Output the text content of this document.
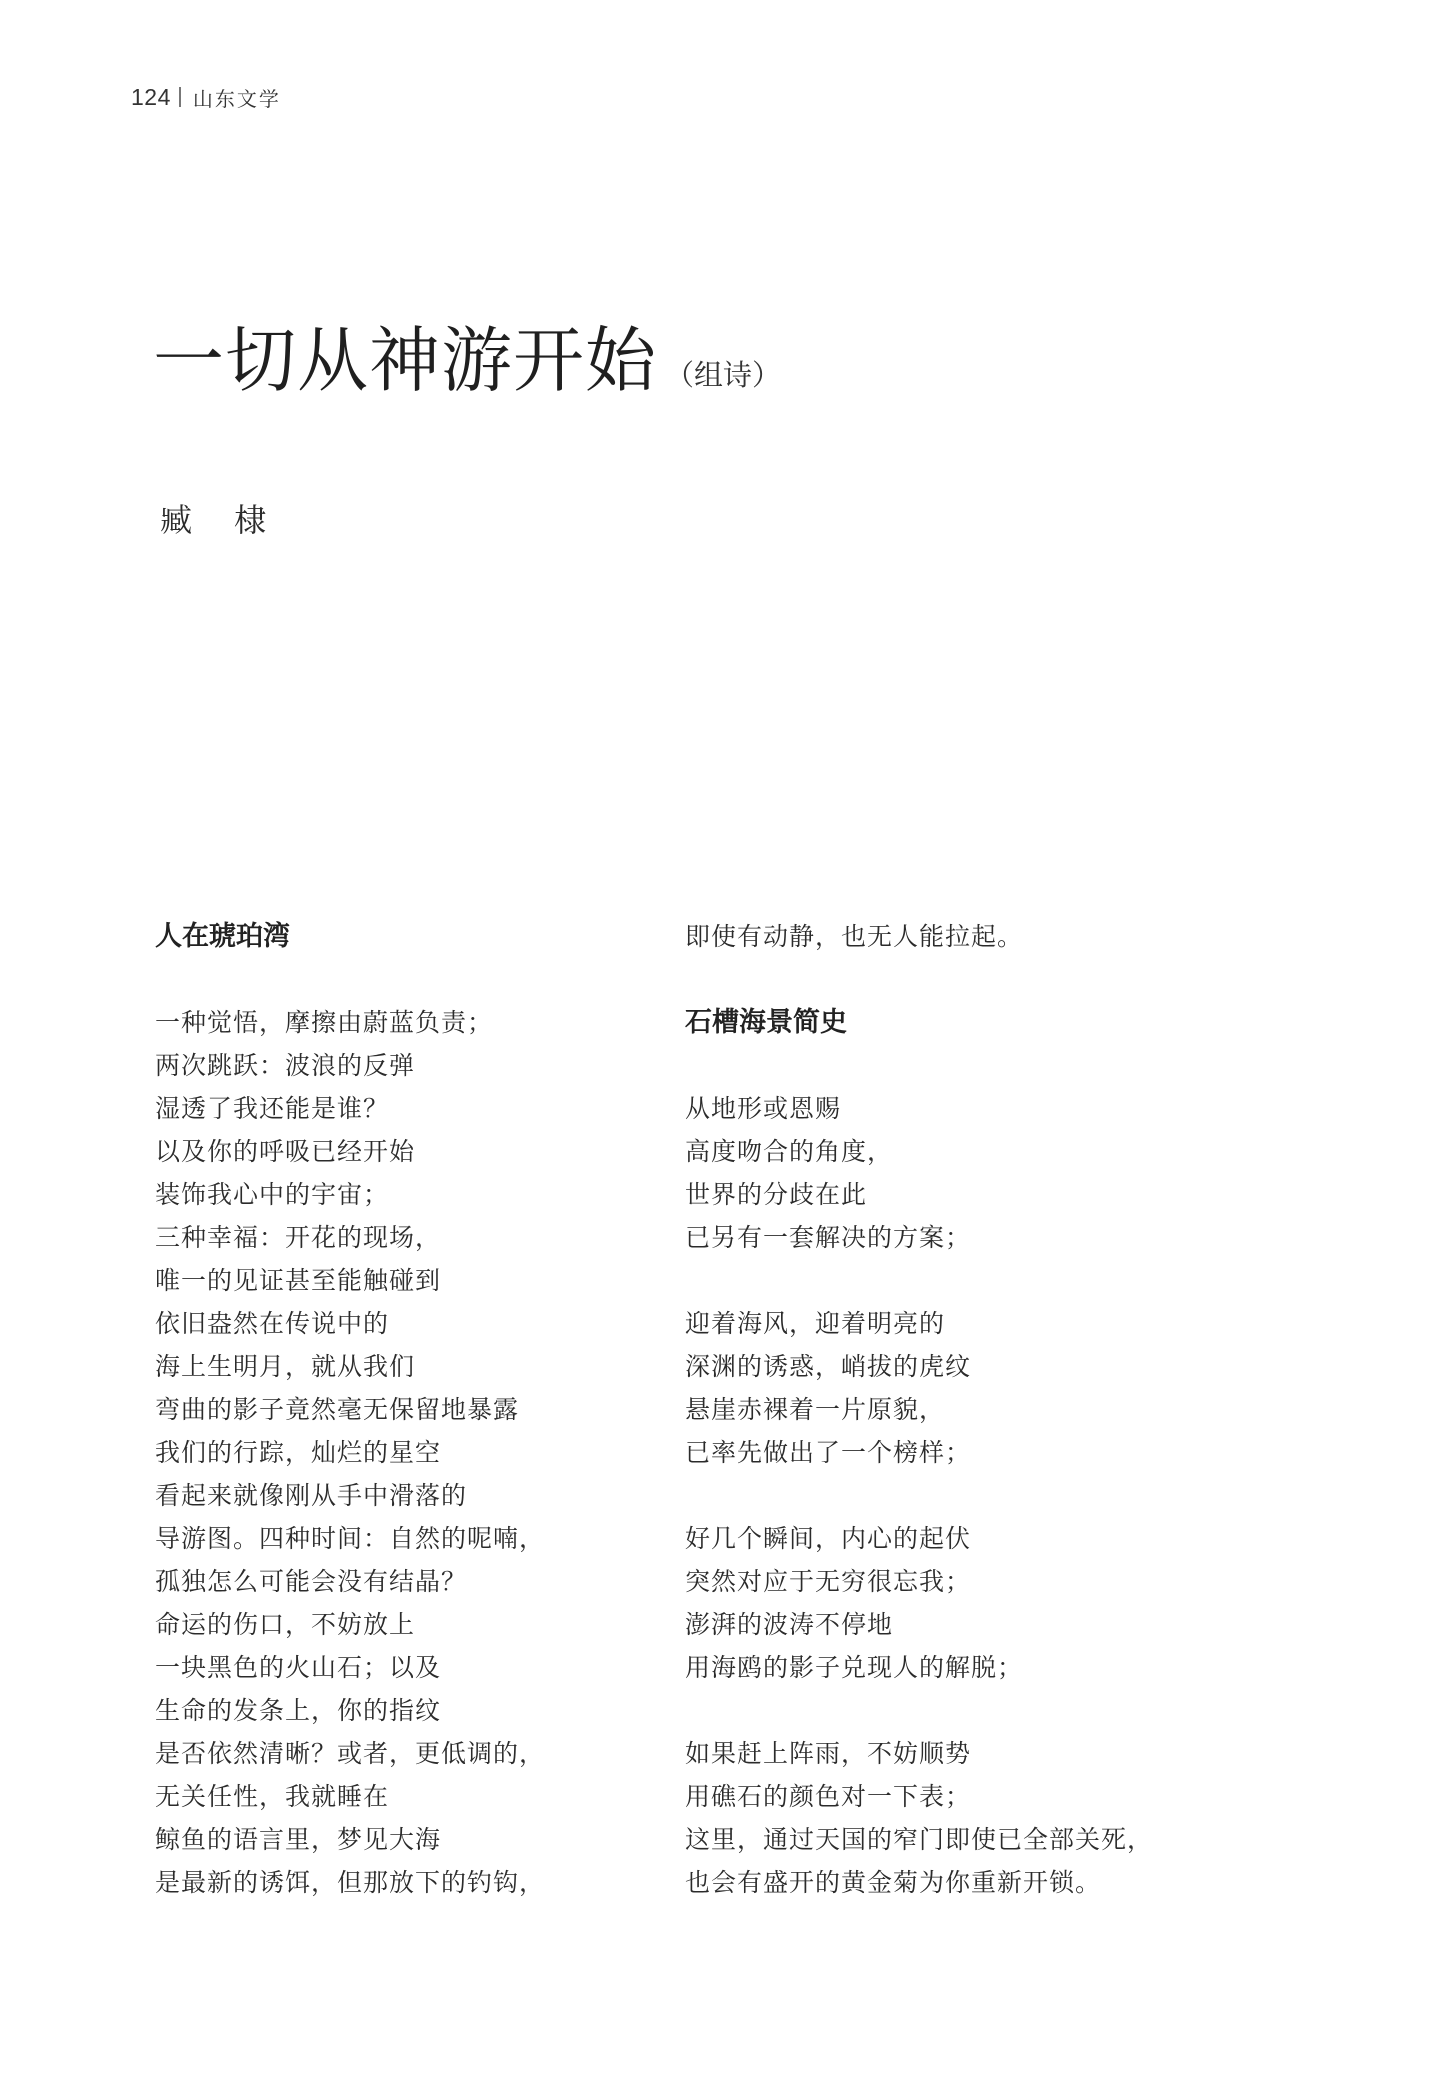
124 山东文学
一切从神游开始 （组诗）
臧 棣
人在琥珀湾

一种觉悟，摩擦由蔚蓝负责；

两次跳跃：波浪的反弹

湿透了我还能是谁？

以及你的呼吸已经开始

装饰我心中的宇宙；

三种幸福：开花的现场，

唯一的见证甚至能触碰到

依旧盎然在传说中的

海上生明月，就从我们

弯曲的影子竟然毫无保留地暴露

我们的行踪，灿烂的星空

看起来就像刚从手中滑落的

导游图。四种时间：自然的呢喃，

孤独怎么可能会没有结晶？

命运的伤口，不妨放上

一块黑色的火山石；以及

生命的发条上，你的指纹

是否依然清晰？或者，更低调的，

无关任性，我就睡在

鲸鱼的语言里，梦见大海

是最新的诱饵，但那放下的钓钩，

即使有动静，也无人能拉起。

石槽海景简史

从地形或恩赐

高度吻合的角度，

世界的分歧在此

已另有一套解决的方案；

迎着海风，迎着明亮的

深渊的诱惑，峭拔的虎纹

悬崖赤裸着一片原貌，

已率先做出了一个榜样；

好几个瞬间，内心的起伏

突然对应于无穷很忘我；

澎湃的波涛不停地

用海鸥的影子兑现人的解脱；

如果赶上阵雨，不妨顺势

用礁石的颜色对一下表；

这里，通过天国的窄门即使已全部关死，

也会有盛开的黄金菊为你重新开锁。
